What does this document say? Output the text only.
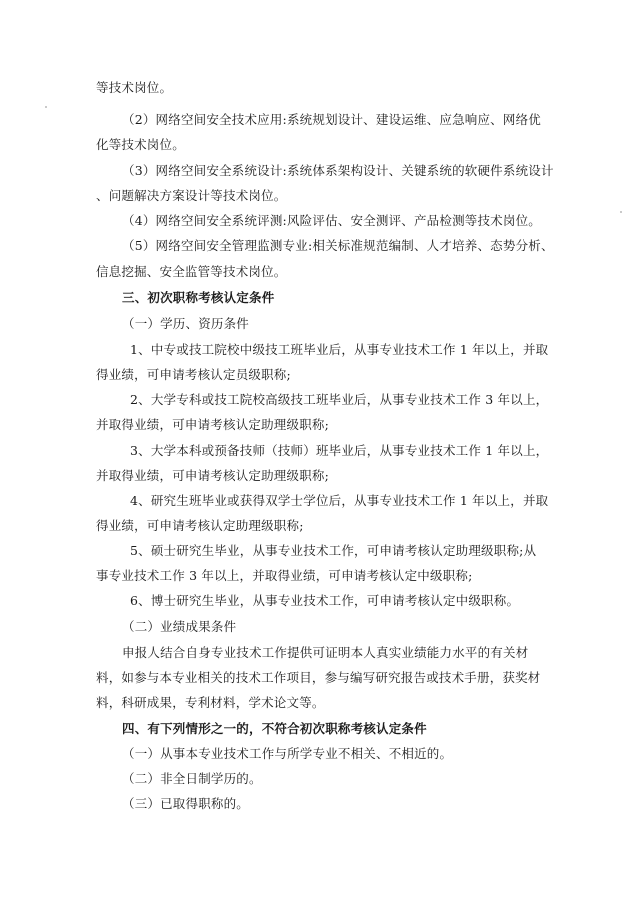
等技术岗位。
（2）网络空间安全技术应用:系统规划设计、建设运维、应急响应、网络优
化等技术岗位。
（3）网络空间安全系统设计:系统体系架构设计、关键系统的软硬件系统设计
、问题解决方案设计等技术岗位。
（4）网络空间安全系统评测:风险评估、安全测评、产品检测等技术岗位。
（5）网络空间安全管理监测专业:相关标准规范编制、人才培养、态势分析、
信息挖掘、安全监管等技术岗位。
三、初次职称考核认定条件
（一）学历、资历条件
1、中专或技工院校中级技工班毕业后，从事专业技术工作 1 年以上，并取
得业绩，可申请考核认定员级职称;
2、大学专科或技工院校高级技工班毕业后，从事专业技术工作 3 年以上，
并取得业绩，可申请考核认定助理级职称;
3、大学本科或预备技师（技师）班毕业后，从事专业技术工作 1 年以上，
并取得业绩，可申请考核认定助理级职称;
4、研究生班毕业或获得双学士学位后，从事专业技术工作 1 年以上，并取
得业绩，可申请考核认定助理级职称;
5、硕士研究生毕业，从事专业技术工作，可申请考核认定助理级职称;从
事专业技术工作 3 年以上，并取得业绩，可申请考核认定中级职称;
6、博士研究生毕业，从事专业技术工作，可申请考核认定中级职称。
（二）业绩成果条件
申报人结合自身专业技术工作提供可证明本人真实业绩能力水平的有关材
料，如参与本专业相关的技术工作项目，参与编写研究报告或技术手册，获奖材
料，科研成果，专利材料，学术论文等。
四、有下列情形之一的，不符合初次职称考核认定条件
（一）从事本专业技术工作与所学专业不相关、不相近的。
（二）非全日制学历的。
（三）已取得职称的。
